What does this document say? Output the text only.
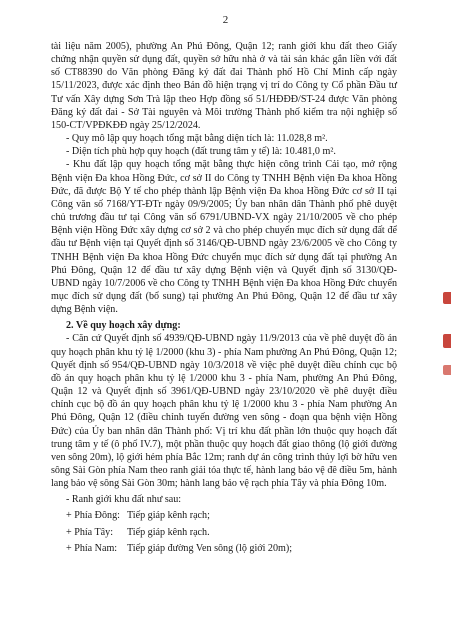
2

tài liệu năm 2005), phường An Phú Đông, Quận 12; ranh giới khu đất theo Giấy chứng nhận quyền sử dụng đất, quyền sở hữu nhà ở và tài sản khác gắn liền với đất số CT88390 do Văn phòng Đăng ký đất đai Thành phố Hồ Chí Minh cấp ngày 15/11/2023, được xác định theo Bản đồ hiện trạng vị trí do Công ty Cổ phần Đầu tư Tư vấn Xây dựng Sơn Trà lập theo Hợp đồng số 51/HĐĐĐ/ST-24 được Văn phòng Đăng ký đất đai - Sở Tài nguyên và Môi trường Thành phố kiểm tra nội nghiệp số 150-CT/VPĐKĐĐ ngày 25/12/2024.

- Quy mô lập quy hoạch tổng mặt bằng diện tích là: 11.028,8 m².

- Diện tích phù hợp quy hoạch (đất trung tâm y tế) là: 10.481,0 m².

- Khu đất lập quy hoạch tổng mặt bằng thực hiện công trình Cải tạo, mở rộng Bệnh viện Đa khoa Hồng Đức, cơ sở II do Công ty TNHH Bệnh viện Đa khoa Hồng Đức, đã được Bộ Y tế cho phép thành lập Bệnh viện Đa khoa Hồng Đức cơ sở II tại Công văn số 7168/YT-ĐTr ngày 09/9/2005; Ủy ban nhân dân Thành phố phê duyệt chủ trương đầu tư tại Công văn số 6791/UBND-VX ngày 21/10/2005 về cho phép Bệnh viện Hồng Đức xây dựng cơ sở 2 và cho phép chuyển mục đích sử dụng đất để đầu tư Bệnh viện tại Quyết định số 3146/QĐ-UBND ngày 23/6/2005 về cho Công ty TNHH Bệnh viện Đa khoa Hồng Đức chuyển mục đích sử dụng đất tại phường An Phú Đông, Quận 12 để đầu tư xây dựng Bệnh viện và Quyết định số 3130/QĐ-UBND ngày 10/7/2006 về cho Công ty TNHH Bệnh viện Đa khoa Hồng Đức chuyển mục đích sử dụng đất (bổ sung) tại phường An Phú Đông, Quận 12 để đầu tư xây dựng Bệnh viện.

2. Về quy hoạch xây dựng:

- Căn cứ Quyết định số 4939/QĐ-UBND ngày 11/9/2013 của về phê duyệt đồ án quy hoạch phân khu tỷ lệ 1/2000 (khu 3) - phía Nam phường An Phú Đông, Quận 12; Quyết định số 954/QĐ-UBND ngày 10/3/2018 về việc phê duyệt điều chỉnh cục bộ đồ án quy hoạch phân khu tỷ lệ 1/2000 khu 3 - phía Nam, phường An Phú Đông, Quận 12 và Quyết định số 3961/QĐ-UBND ngày 23/10/2020 về phê duyệt điều chỉnh cục bộ đồ án quy hoạch phân khu tỷ lệ 1/2000 khu 3 - phía Nam phường An Phú Đông, Quận 12 (điều chỉnh tuyến đường ven sông - đoạn qua bệnh viện Hồng Đức) của Ủy ban nhân dân Thành phố: Vị trí khu đất phần lớn thuộc quy hoạch đất trung tâm y tế (ô phố IV.7), một phần thuộc quy hoạch đất giao thông (lộ giới đường ven sông 20m), lộ giới hẻm phía Bắc 12m; ranh dự án công trình thủy lợi bờ hữu ven sông Sài Gòn phía Nam theo ranh giải tỏa thực tế, hành lang bảo vệ đê điều 5m, hành lang bảo vệ sông Sài Gòn 30m; hành lang bảo vệ rạch phía Tây và phía Đông 10m.

- Ranh giới khu đất như sau:

+ Phía Đông: Tiếp giáp kênh rạch;
+ Phía Tây:	Tiếp giáp kênh rạch.
+ Phía Nam: Tiếp giáp đường Ven sông (lộ giới 20m);
